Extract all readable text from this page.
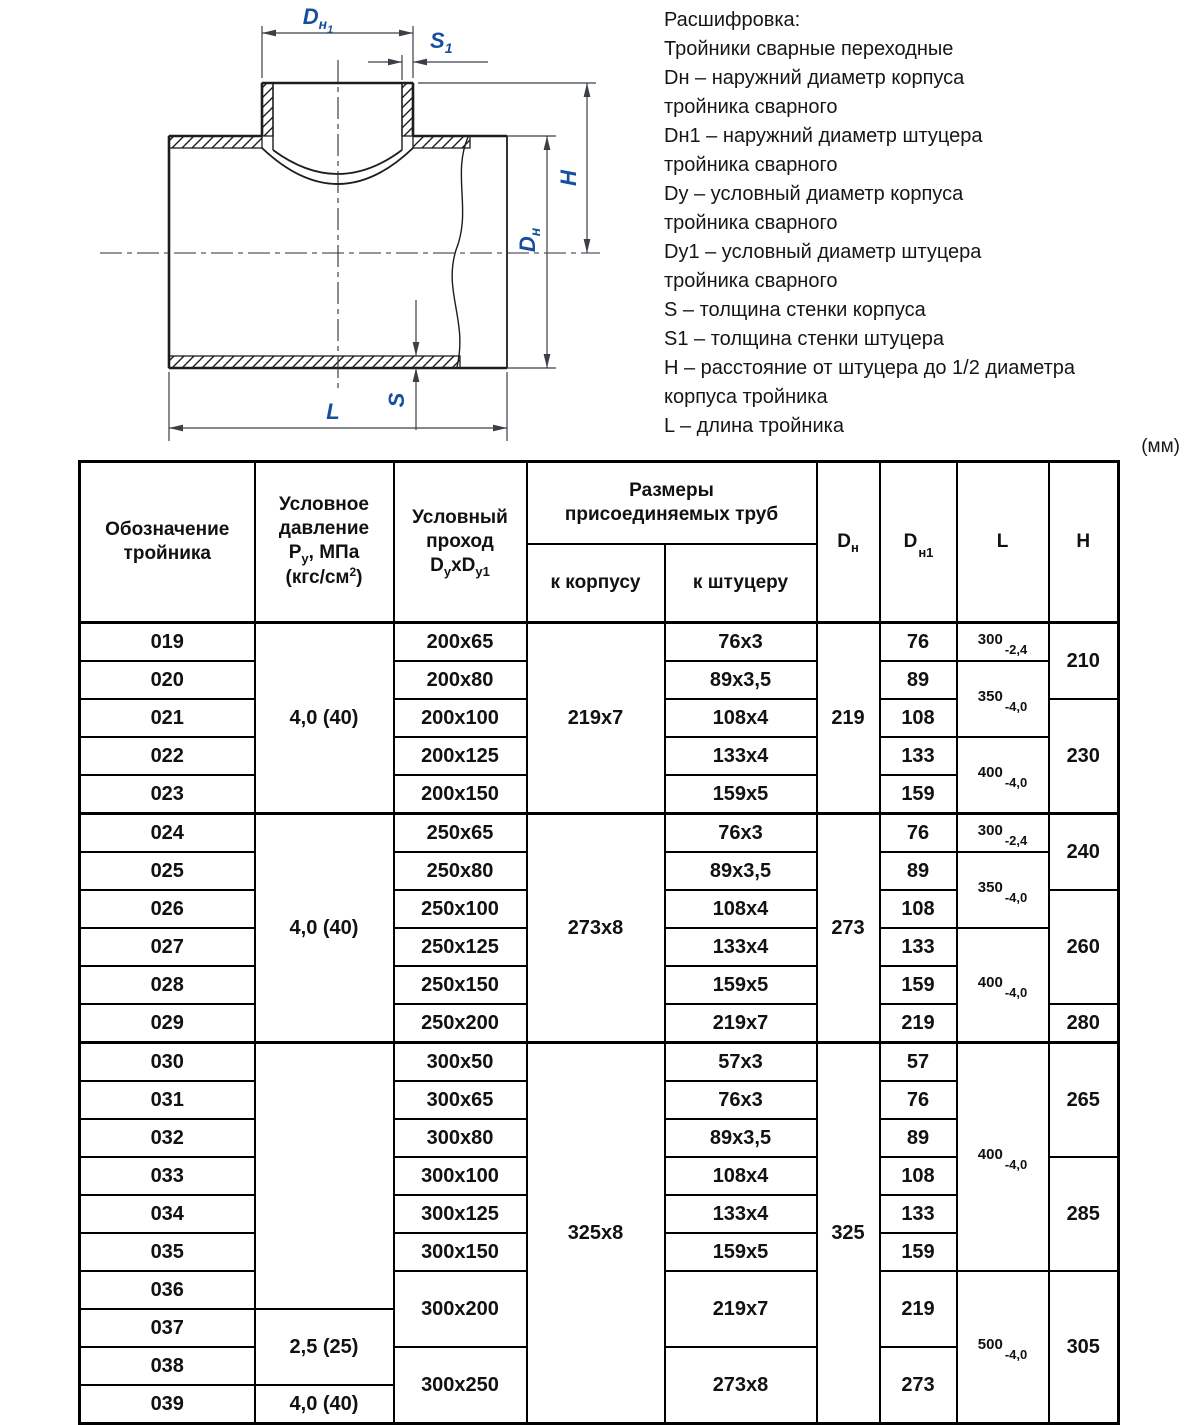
$D_н1$	$S_1$
H
$D_н$
S
L
Расшифровка:
Тройники сварные переходные
Dн – наружний диаметр корпуса
тройника сварного
Dн1 – наружний диаметр штуцера
тройника сварного
Dу – условный диаметр корпуса
тройника сварного
Dу1 – условный диаметр штуцера
тройника сварного
S – толщина стенки корпуса
S1 – толщина стенки штуцера
H – расстояние от штуцера до 1/2 диаметра
корпуса тройника
L – длина тройника
(мм)
Обозначение
тройника

Условное
давление
$P_у$, МПа
$(кгс/см^2)$

Условный
проход
$D_уxD_{у1}$

Размеры
присоединяемых труб

$D_н$	$D_{н1}$	L	H

			к корпусу	к штуцеру				

019	4,0 (40)	200x65	219x7	76x3	219	76	$^{300}_{-2,4}$	210
020		200x80		89x3,5		89	$^{350}_{-4,0}$
021		200x100		108x4		108		230
022		200x125		133x4		133	$^{400}_{-4,0}$
023		200x150		159x5		159		
024	4,0 (40)	250x65	273x8	76x3	273	76	$^{300}_{-2,4}$	240
025		250x80		89x3,5		89	$^{350}_{-4,0}$
026		250x100		108x4		108		260
027		250x125		133x4		133	$^{400}_{-4,0}$
028		250x150		159x5		159		
029		250x200		219x7		219		280
030		300x50	325x8	57x3	325	57	$^{400}_{-4,0}$	265
031		300x65		76x3		76		
032		300x80		89x3,5		89		
033		300x100		108x4		108		285
034		300x125		133x4		133		
035		300x150		159x5		159		
036		300x200		219x7		219	$^{500}_{-4,0}$	305
037	2,5 (25)							
038		300x250		273x8		273		
039	4,0 (40)							
